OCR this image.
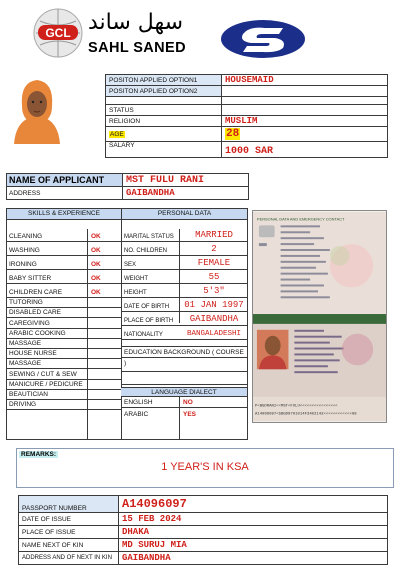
GCL سهل ساند
SAHL SANED
POSITON APPLIED OPTION1	HOUSEMAID
POSITON APPLIED OPTION2	

STATUS	
RELIGION	MUSLIM
AGE	28
SALARY	1000 SAR
NAME OF APPLICANT	MST FULU RANI
ADDRESS	GAIBANDHA
SKILLS & EXPERIENCE	PERSONAL DATA
CLEANING	OK
WASHING	OK
IRONING	OK
BABY SITTER	OK
CHILDREN CARE	OK
TUTORING
DISABLED CARE
CAREGIVING
ARABIC COOKING
MASSAGE
HOUSE NURSE
MASSAGE
SEWING / CUT & SEW
MANICURE / PEDICURE
BEAUTICIAN
DRIVING
MARITAL STATUS	MARRIED
NO. CHILDREN	2
SEX	FEMALE
WEIGHT	55
HEIGHT	5'3"
DATE OF BIRTH	01 JAN 1997
PLACE OF BIRTH	GAIBANDHA
NATIONALITY	BANGALADESHI
EDUCATION BACKGROUND ( COURSE )
LANGUAGE DIALECT
ENGLISH	NO
ARABIC	YES
PERSONAL DATA AND EMERGENCY CONTACT
P<BGDRANI<<MST<FULU<<<<<<<<<<<<<<<<
A14096097<5BGD9701014F3402142<<<<<<<<<<<<08
REMARKS:
1 YEAR'S IN KSA
PASSPORT NUMBER	A14096097
DATE OF ISSUE	15 FEB 2024
PLACE OF ISSUE	DHAKA
NAME NEXT OF KIN	MD SURUJ MIA
ADDRESS AND OF NEXT IN KIN	GAIBANDHA
